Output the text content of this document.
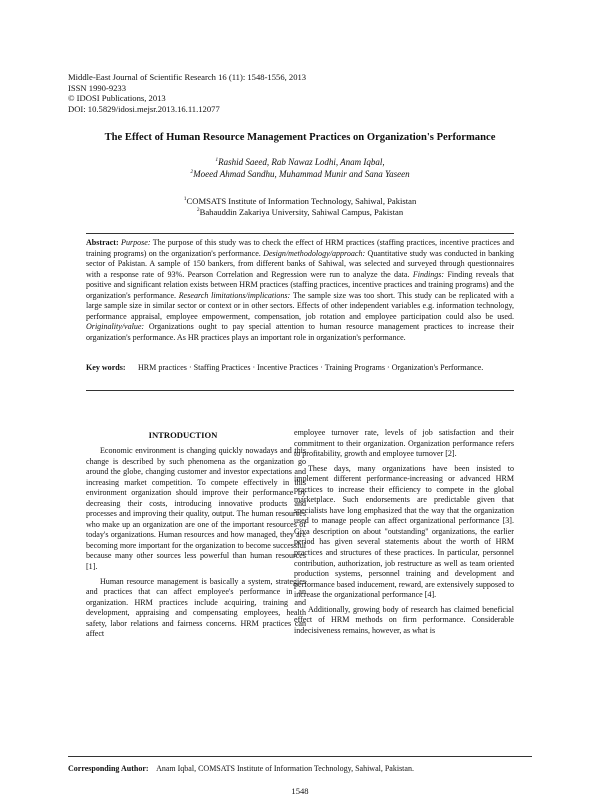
Middle-East Journal of Scientific Research 16 (11): 1548-1556, 2013
ISSN 1990-9233
© IDOSI Publications, 2013
DOI: 10.5829/idosi.mejsr.2013.16.11.12077
The Effect of Human Resource Management Practices on Organization's Performance
$^1$Rashid Saeed, Rab Nawaz Lodhi, Anam Iqbal,
$^2$Moeed Ahmad Sandhu, Muhammad Munir and Sana Yaseen
$^1$COMSATS Institute of Information Technology, Sahiwal, Pakistan
$^2$Bahauddin Zakariya University, Sahiwal Campus, Pakistan
Abstract: Purpose: The purpose of this study was to check the effect of HRM practices (staffing practices, incentive practices and training programs) on the organization's performance. Design/methodology/approach: Quantitative study was conducted in banking sector of Pakistan. A sample of 150 bankers, from different banks of Sahiwal, was selected and surveyed through questionnaires with a response rate of 93%. Pearson Correlation and Regression were run to analyze the data. Findings: Finding reveals that positive and significant relation exists between HRM practices (staffing practices, incentive practices and training programs) and the organization's performance. Research limitations/implications: The sample size was too short. This study can be replicated with a large sample size in similar sector or context or in other sectors. Effects of other independent variables e.g. information technology, performance appraisal, employee empowerment, compensation, job rotation and employee participation could also be used. Originality/value: Organizations ought to pay special attention to human resource management practices to increase their organization's performance. As HR practices plays an important role in organization's performance.
Key words:	HRM practices · Staffing Practices · Incentive Practices · Training Programs · Organization's Performance.
INTRODUCTION

Economic environment is changing quickly nowadays and this change is described by such phenomena as the organization go around the globe, changing customer and investor expectations and increasing market competition. To compete effectively in this environment organization should improve their performance by decreasing their costs, introducing innovative products and processes and improving their quality, output. The human resources who make up an organization are one of the important resources of today's organizations. Human resources and how managed, they are becoming more important for the organization to become successful because many other sources less powerful than human resources [1].

Human resource management is basically a system, strategies and practices that can affect employee's performance in an organization. HRM practices include acquiring, training and development, appraising and compensating employees, health safety, labor relations and fairness concerns. HRM practices can affect

employee turnover rate, levels of job satisfaction and their commitment to their organization. Organization performance refers to profitability, growth and employee turnover [2].

These days, many organizations have been insisted to implement different performance-increasing or advanced HRM practices to increase their efficiency to compete in the global marketplace. Such endorsements are predictable given that specialists have long emphasized that the way that the organization used to manage people can affect organizational performance [3]. Giva description on about "outstanding" organizations, the earlier period has given several statements about the worth of HRM practices and structures of these practices. In particular, personnel contribution, authorization, job restructure as well as team oriented production systems, personnel training and development and performance based inducement, reward, are extensively supposed to increase the organizational performance [4].

Additionally, growing body of research has claimed beneficial effect of HRM methods on firm performance. Considerable indecisiveness remains, however, as what is

Corresponding Author: Anam Iqbal, COMSATS Institute of Information Technology, Sahiwal, Pakistan.
1548
